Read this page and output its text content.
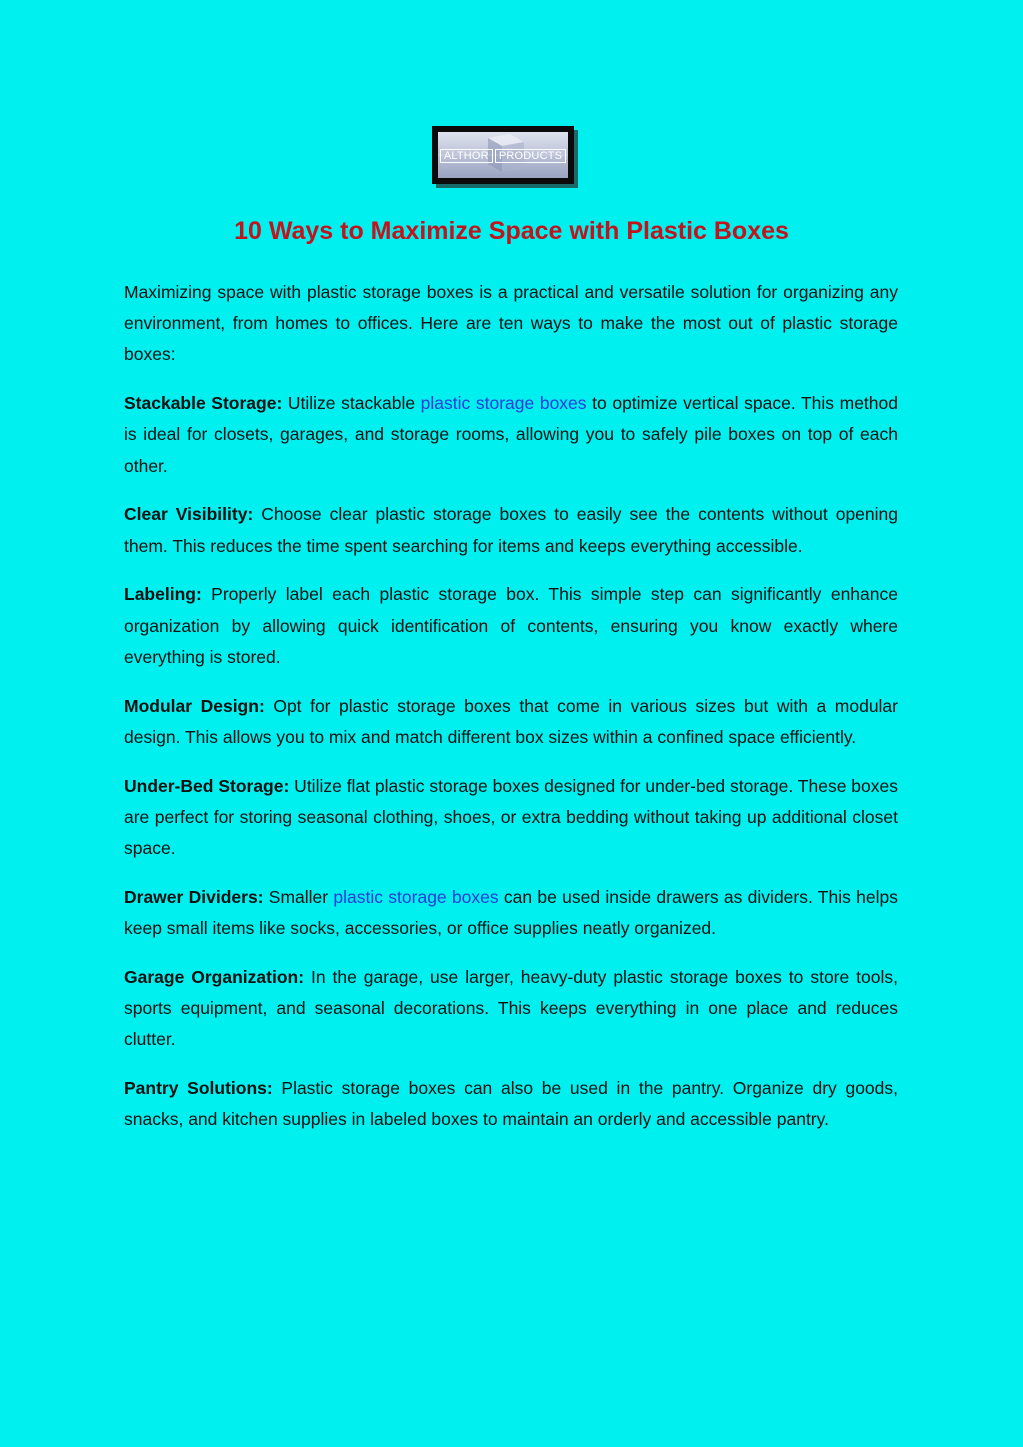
ALTHOR PRODUCTS
10 Ways to Maximize Space with Plastic Boxes

Maximizing space with plastic storage boxes is a practical and versatile solution for organizing any environment, from homes to offices. Here are ten ways to make the most out of plastic storage boxes:

Stackable Storage: Utilize stackable plastic storage boxes to optimize vertical space. This method is ideal for closets, garages, and storage rooms, allowing you to safely pile boxes on top of each other.

Clear Visibility: Choose clear plastic storage boxes to easily see the contents without opening them. This reduces the time spent searching for items and keeps everything accessible.

Labeling: Properly label each plastic storage box. This simple step can significantly enhance organization by allowing quick identification of contents, ensuring you know exactly where everything is stored.

Modular Design: Opt for plastic storage boxes that come in various sizes but with a modular design. This allows you to mix and match different box sizes within a confined space efficiently.

Under-Bed Storage: Utilize flat plastic storage boxes designed for under-bed storage. These boxes are perfect for storing seasonal clothing, shoes, or extra bedding without taking up additional closet space.

Drawer Dividers: Smaller plastic storage boxes can be used inside drawers as dividers. This helps keep small items like socks, accessories, or office supplies neatly organized.

Garage Organization: In the garage, use larger, heavy-duty plastic storage boxes to store tools, sports equipment, and seasonal decorations. This keeps everything in one place and reduces clutter.

Pantry Solutions: Plastic storage boxes can also be used in the pantry. Organize dry goods, snacks, and kitchen supplies in labeled boxes to maintain an orderly and accessible pantry.
